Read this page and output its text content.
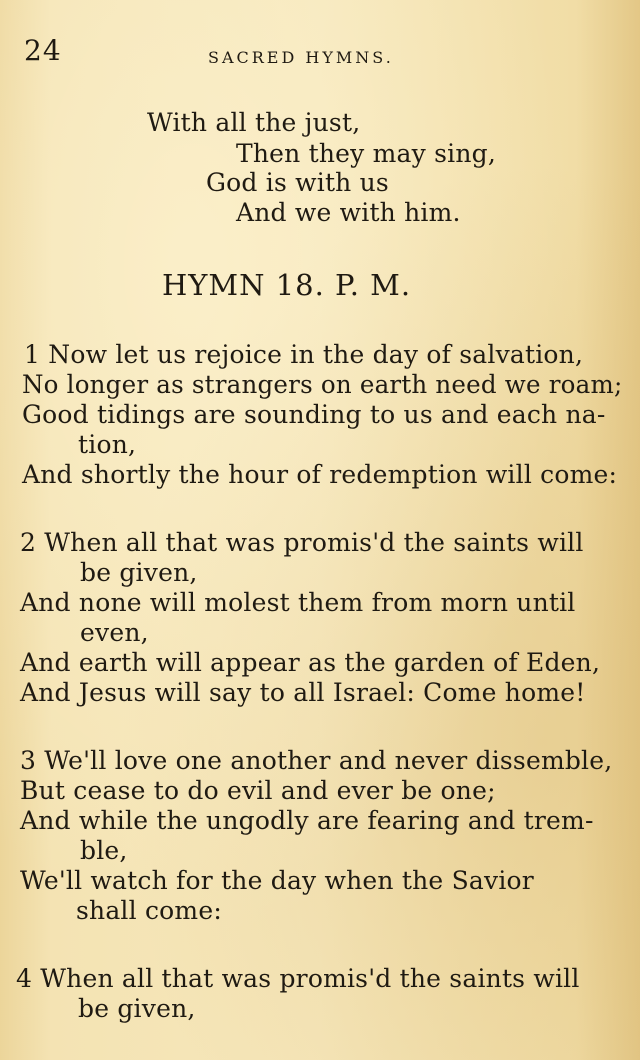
24	SACRED HYMNS.
With all the just,
Then they may sing,
God is with us
And we with him.
HYMN 18. P. M.
1 Now let us rejoice in the day of salvation,
No longer as strangers on earth need we roam;
Good tidings are sounding to us and each na-
tion,
And shortly the hour of redemption will come:
2 When all that was promis'd the saints will
be given,
And none will molest them from morn until
even,
And earth will appear as the garden of Eden,
And Jesus will say to all Israel: Come home!
3 We'll love one another and never dissemble,
But cease to do evil and ever be one;
And while the ungodly are fearing and trem-
ble,
We'll watch for the day when the Savior
shall come:
4 When all that was promis'd the saints will
be given,
